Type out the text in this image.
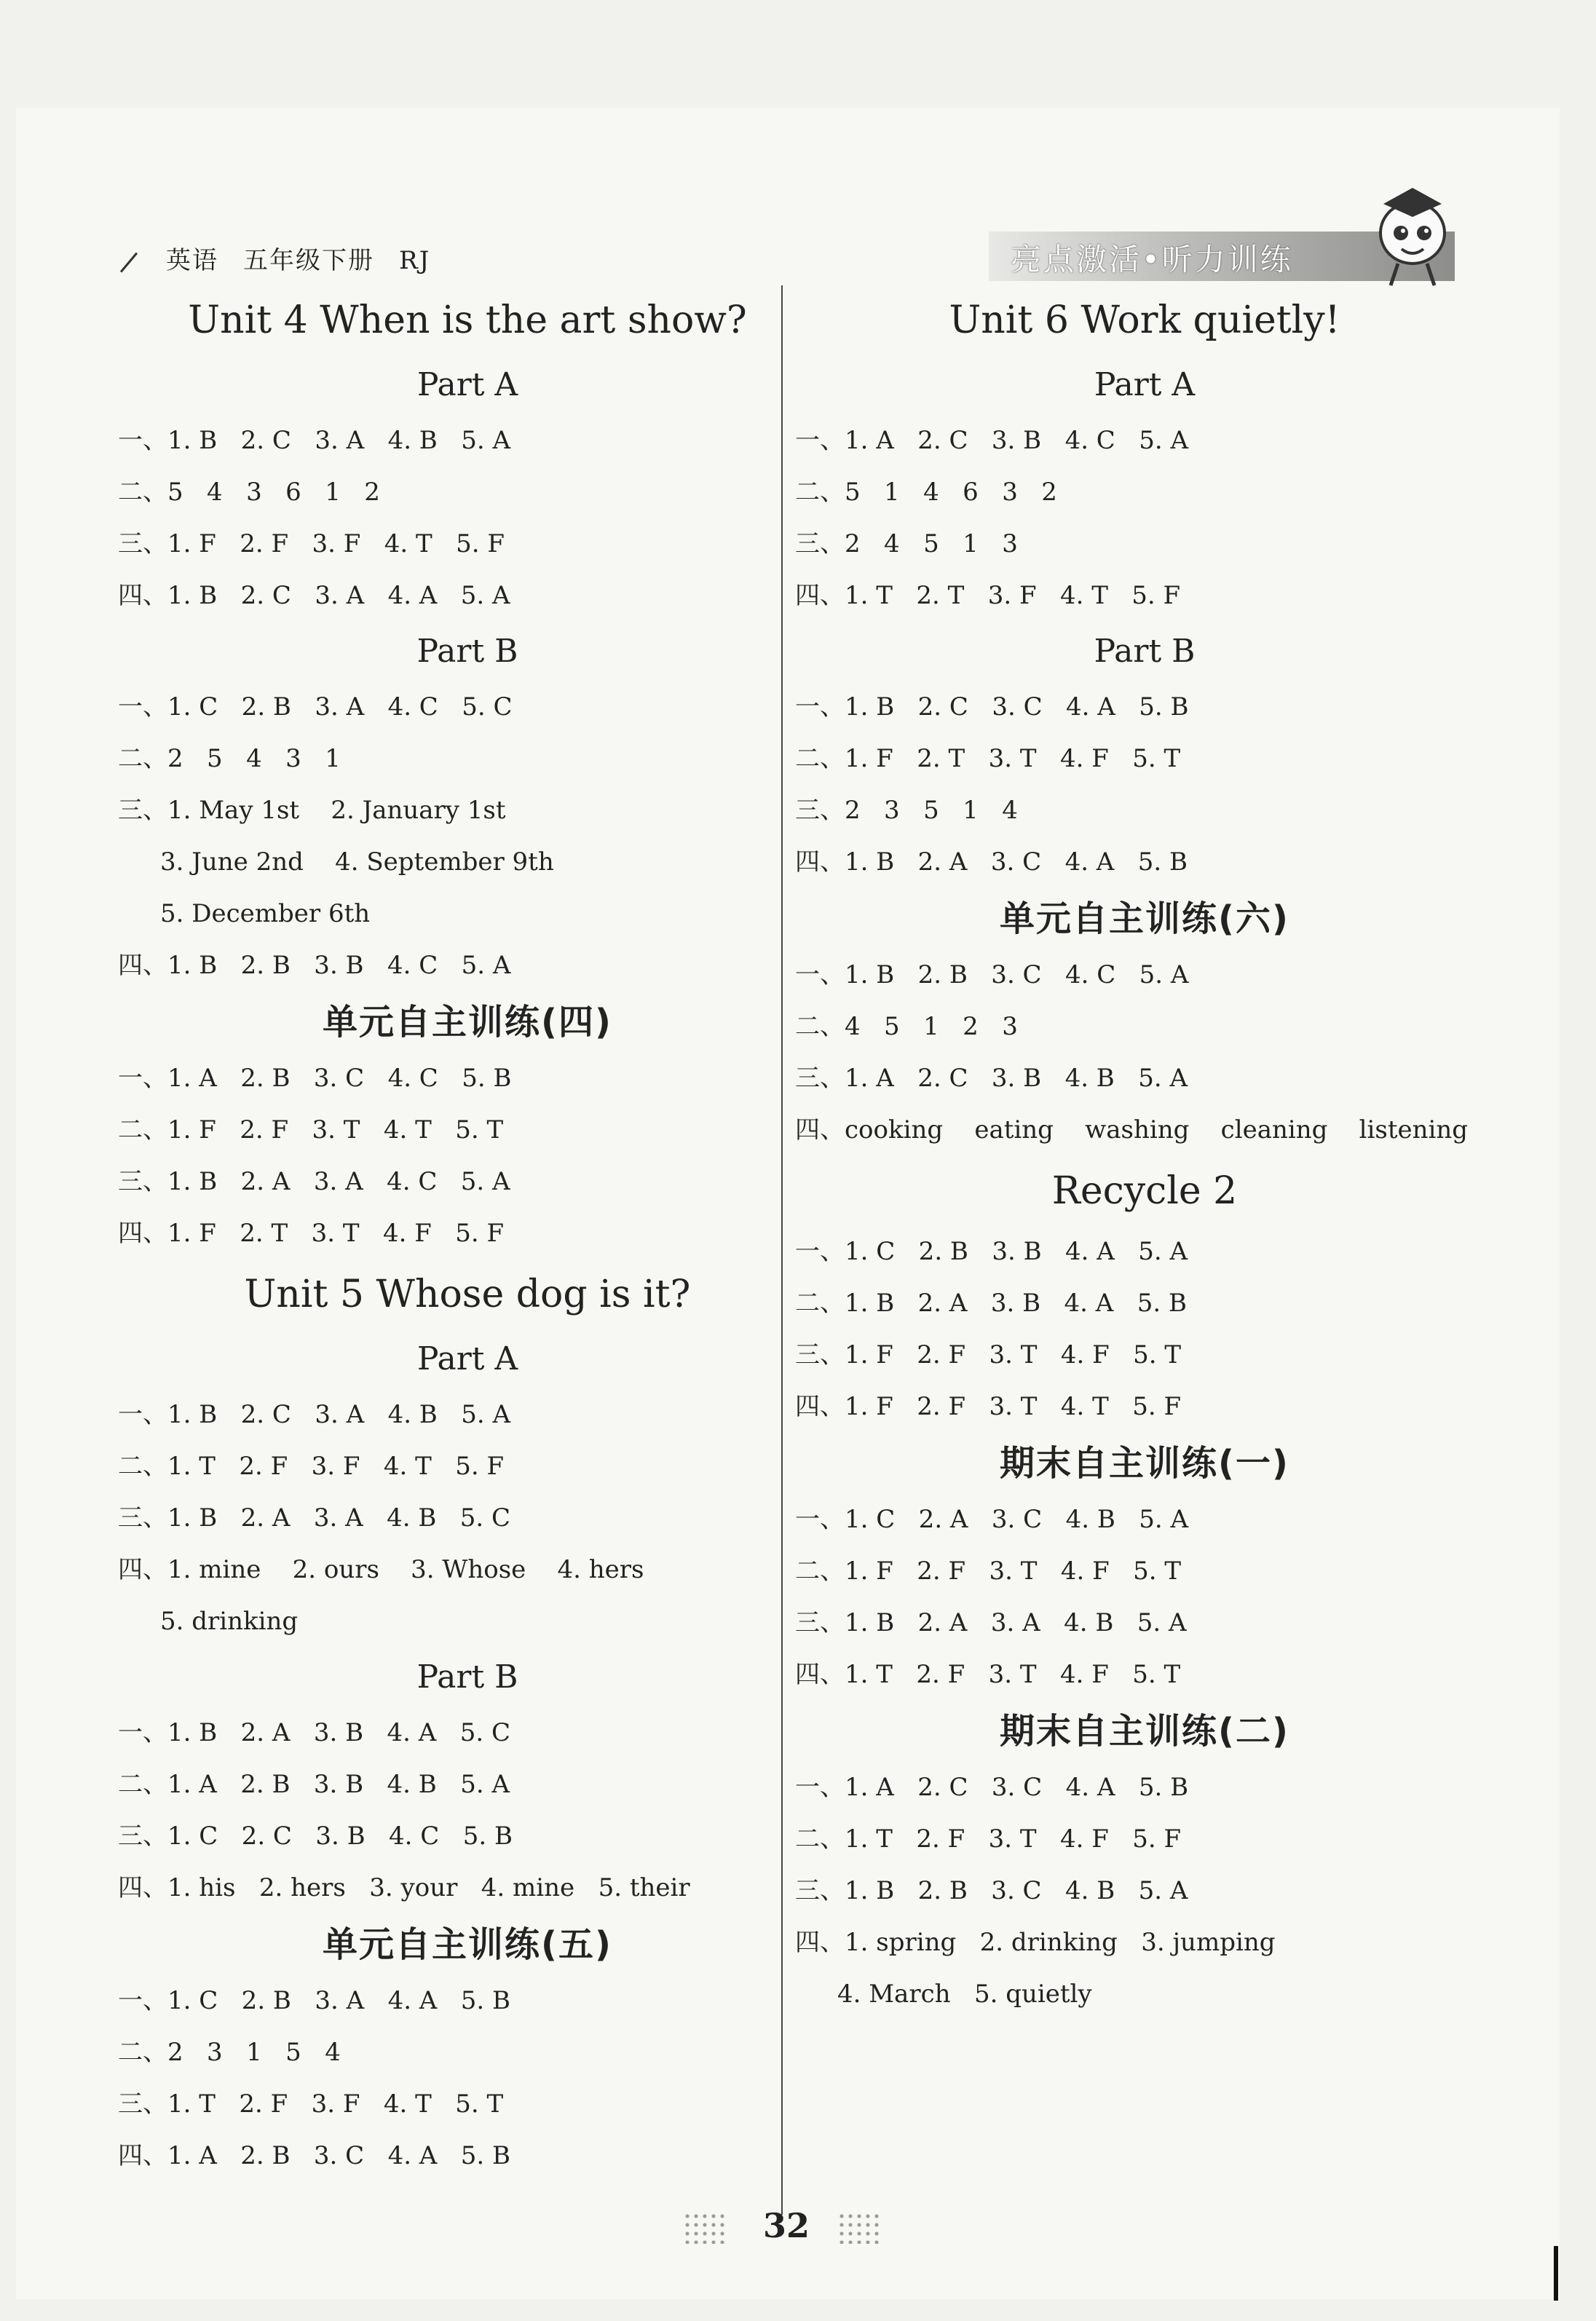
英语 五年级下册 RJ	亮点激活•听力训练
Unit 4 When is the art show?
Part A
一、1. B   2. C   3. A   4. B   5. A
二、5   4   3   6   1   2
三、1. F   2. F   3. F   4. T   5. F
四、1. B   2. C   3. A   4. A   5. A
Part B
一、1. C   2. B   3. A   4. C   5. C
二、2   5   4   3   1
三、1. May 1st    2. January 1st
3. June 2nd    4. September 9th
5. December 6th
四、1. B   2. B   3. B   4. C   5. A
单元自主训练(四)
一、1. A   2. B   3. C   4. C   5. B
二、1. F   2. F   3. T   4. T   5. T
三、1. B   2. A   3. A   4. C   5. A
四、1. F   2. T   3. T   4. F   5. F
Unit 5 Whose dog is it?
Part A
一、1. B   2. C   3. A   4. B   5. A
二、1. T   2. F   3. F   4. T   5. F
三、1. B   2. A   3. A   4. B   5. C
四、1. mine    2. ours    3. Whose    4. hers
5. drinking
Part B
一、1. B   2. A   3. B   4. A   5. C
二、1. A   2. B   3. B   4. B   5. A
三、1. C   2. C   3. B   4. C   5. B
四、1. his   2. hers   3. your   4. mine   5. their
单元自主训练(五)
一、1. C   2. B   3. A   4. A   5. B
二、2   3   1   5   4
三、1. T   2. F   3. F   4. T   5. T
四、1. A   2. B   3. C   4. A   5. B
Unit 6 Work quietly!
Part A
一、1. A   2. C   3. B   4. C   5. A
二、5   1   4   6   3   2
三、2   4   5   1   3
四、1. T   2. T   3. F   4. T   5. F
Part B
一、1. B   2. C   3. C   4. A   5. B
二、1. F   2. T   3. T   4. F   5. T
三、2   3   5   1   4
四、1. B   2. A   3. C   4. A   5. B
单元自主训练(六)
一、1. B   2. B   3. C   4. C   5. A
二、4   5   1   2   3
三、1. A   2. C   3. B   4. B   5. A
四、cooking    eating    washing    cleaning    listening
Recycle 2
一、1. C   2. B   3. B   4. A   5. A
二、1. B   2. A   3. B   4. A   5. B
三、1. F   2. F   3. T   4. F   5. T
四、1. F   2. F   3. T   4. T   5. F
期末自主训练(一)
一、1. C   2. A   3. C   4. B   5. A
二、1. F   2. F   3. T   4. F   5. T
三、1. B   2. A   3. A   4. B   5. A
四、1. T   2. F   3. T   4. F   5. T
期末自主训练(二)
一、1. A   2. C   3. C   4. A   5. B
二、1. T   2. F   3. T   4. F   5. F
三、1. B   2. B   3. C   4. B   5. A
四、1. spring   2. drinking   3. jumping
4. March   5. quietly
32
